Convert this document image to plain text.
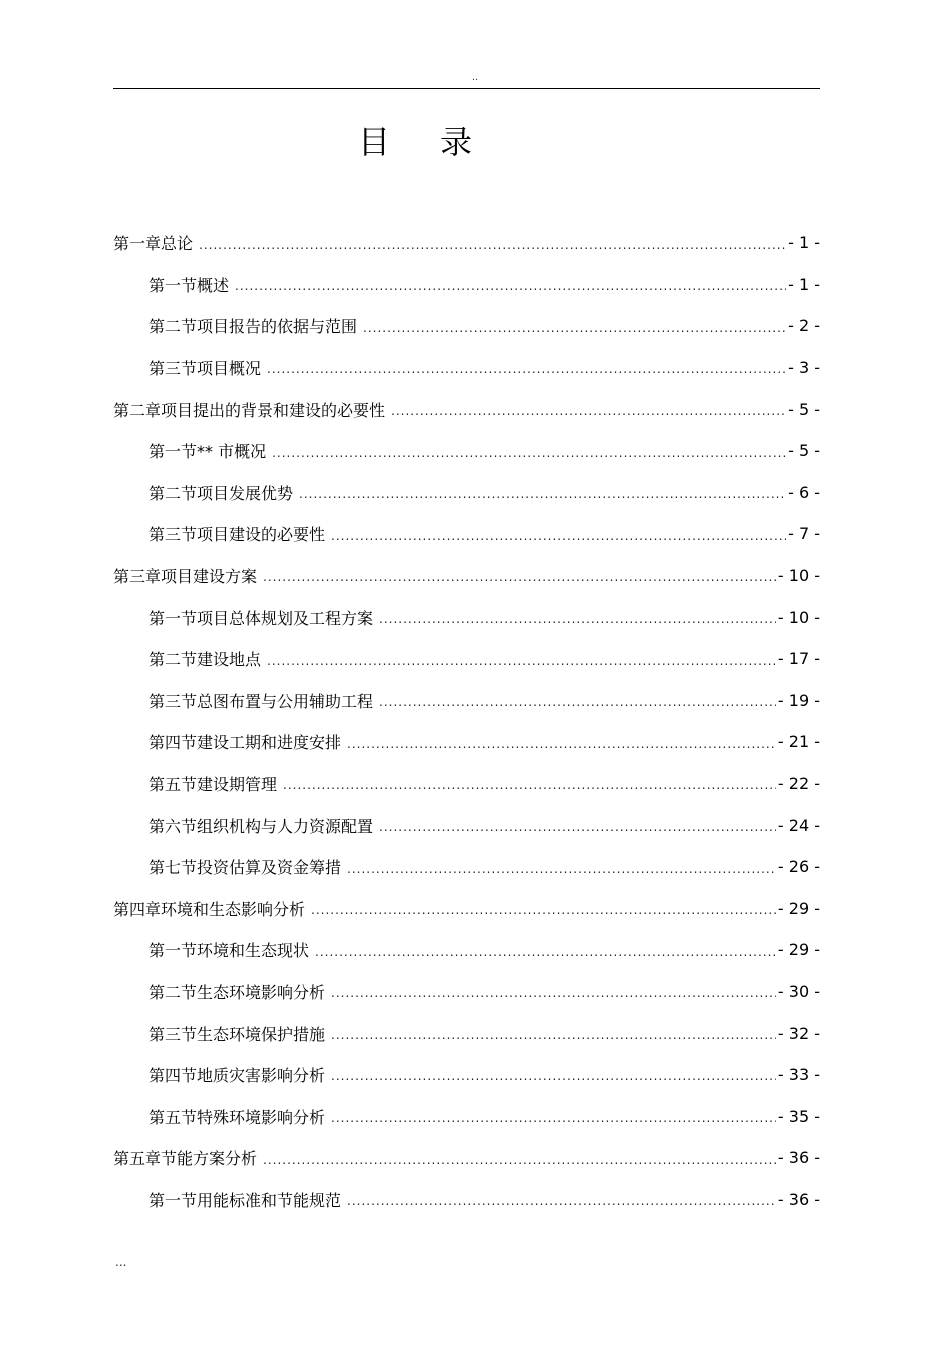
..
目录
第一章 总论 .....	- 1 -
第一节 概述 .....	- 1 -
第二节 项目报告的依据与范围 .....	- 2 -
第三节 项目概况 .....	- 3 -
第二章 项目提出的背景和建设的必要性 .....	- 5 -
第一节 ** 市概况 .....	- 5 -
第二节 项目发展优势 .....	- 6 -
第三节 项目建设的必要性 .....	- 7 -
第三章 项目建设方案 .....	- 10 -
第一节 项目总体规划及工程方案 .....	- 10 -
第二节 建设地点 .....	- 17 -
第三节 总图布置与公用辅助工程 .....	- 19 -
第四节 建设工期和进度安排 .....	- 21 -
第五节 建设期管理 .....	- 22 -
第六节 组织机构与人力资源配置 .....	- 24 -
第七节 投资估算及资金筹措 .....	- 26 -
第四章 环境和生态影响分析 .....	- 29 -
第一节 环境和生态现状 .....	- 29 -
第二节 生态环境影响分析 .....	- 30 -
第三节 生态环境保护措施 .....	- 32 -
第四节 地质灾害影响分析 .....	- 33 -
第五节 特殊环境影响分析 .....	- 35 -
第五章 节能方案分析 .....	- 36 -
第一节 用能标准和节能规范 .....	- 36 -
...
